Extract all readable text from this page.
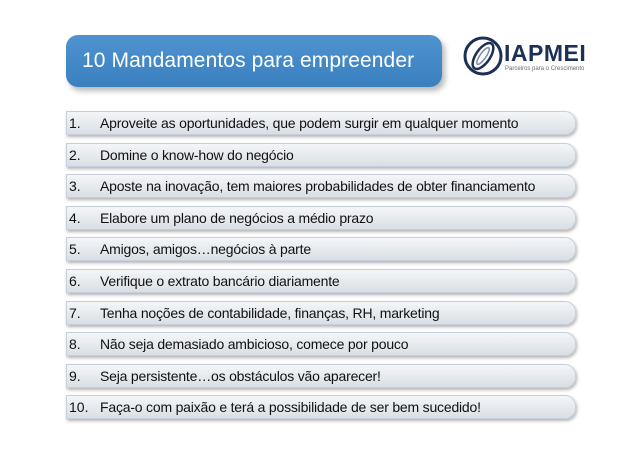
10 Mandamentos para empreender	IAPMEI
Parceiros para o Crescimento
1. Aproveite as oportunidades, que podem surgir em qualquer momento
2. Domine o know-how do negócio
3. Aposte na inovação, tem maiores probabilidades de obter financiamento
4. Elabore um plano de negócios a médio prazo
5. Amigos, amigos…negócios à parte
6. Verifique o extrato bancário diariamente
7. Tenha noções de contabilidade, finanças, RH, marketing
8. Não seja demasiado ambicioso, comece por pouco
9. Seja persistente…os obstáculos vão aparecer!
10. Faça-o com paixão e terá a possibilidade de ser bem sucedido!
